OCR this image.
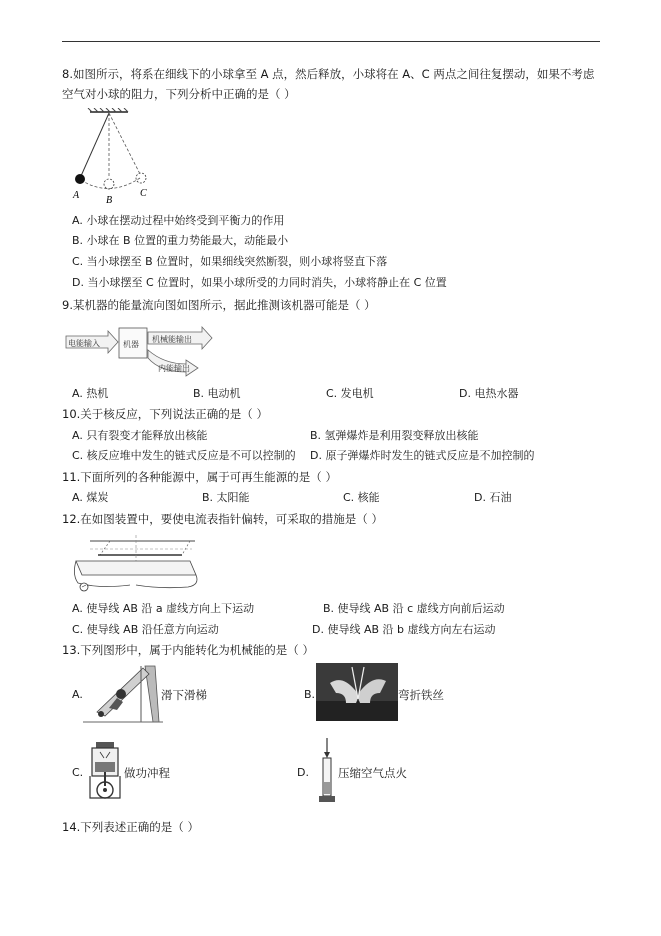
8.如图所示，将系在细线下的小球拿至 A 点，然后释放，小球将在 A、C 两点之间往复摆动，如果不考虑
空气对小球的阻力，下列分析中正确的是（ ）
A	B
C
A. 小球在摆动过程中始终受到平衡力的作用
B. 小球在 B 位置的重力势能最大，动能最小
C. 当小球摆至 B 位置时，如果细线突然断裂，则小球将竖直下落
D. 当小球摆至 C 位置时，如果小球所受的力同时消失，小球将静止在 C 位置
9.某机器的能量流向图如图所示，据此推测该机器可能是（ ）
电能输入	机器
机械能输出
内能输出
A. 热机	B. 电动机	C. 发电机	D. 电热水器
10.关于核反应，下列说法正确的是（ ）
A. 只有裂变才能释放出核能	B. 氢弹爆炸是利用裂变释放出核能
C. 核反应堆中发生的链式反应是不可以控制的 D. 原子弹爆炸时发生的链式反应是不加控制的
11.下面所列的各种能源中，属于可再生能源的是（ ）
A. 煤炭	B. 太阳能	C. 核能	D. 石油
12.在如图装置中，要使电流表指针偏转，可采取的措施是（ ）
A. 使导线 AB 沿 a 虚线方向上下运动	B. 使导线 AB 沿 c 虚线方向前后运动
C. 使导线 AB 沿任意方向运动	D. 使导线 AB 沿 b 虚线方向左右运动
13.下列图形中，属于内能转化为机械能的是（ ）
A.	滑下滑梯	B.	弯折铁丝
C.	做功冲程	D.	压缩空气点火
14.下列表述正确的是（ ）
